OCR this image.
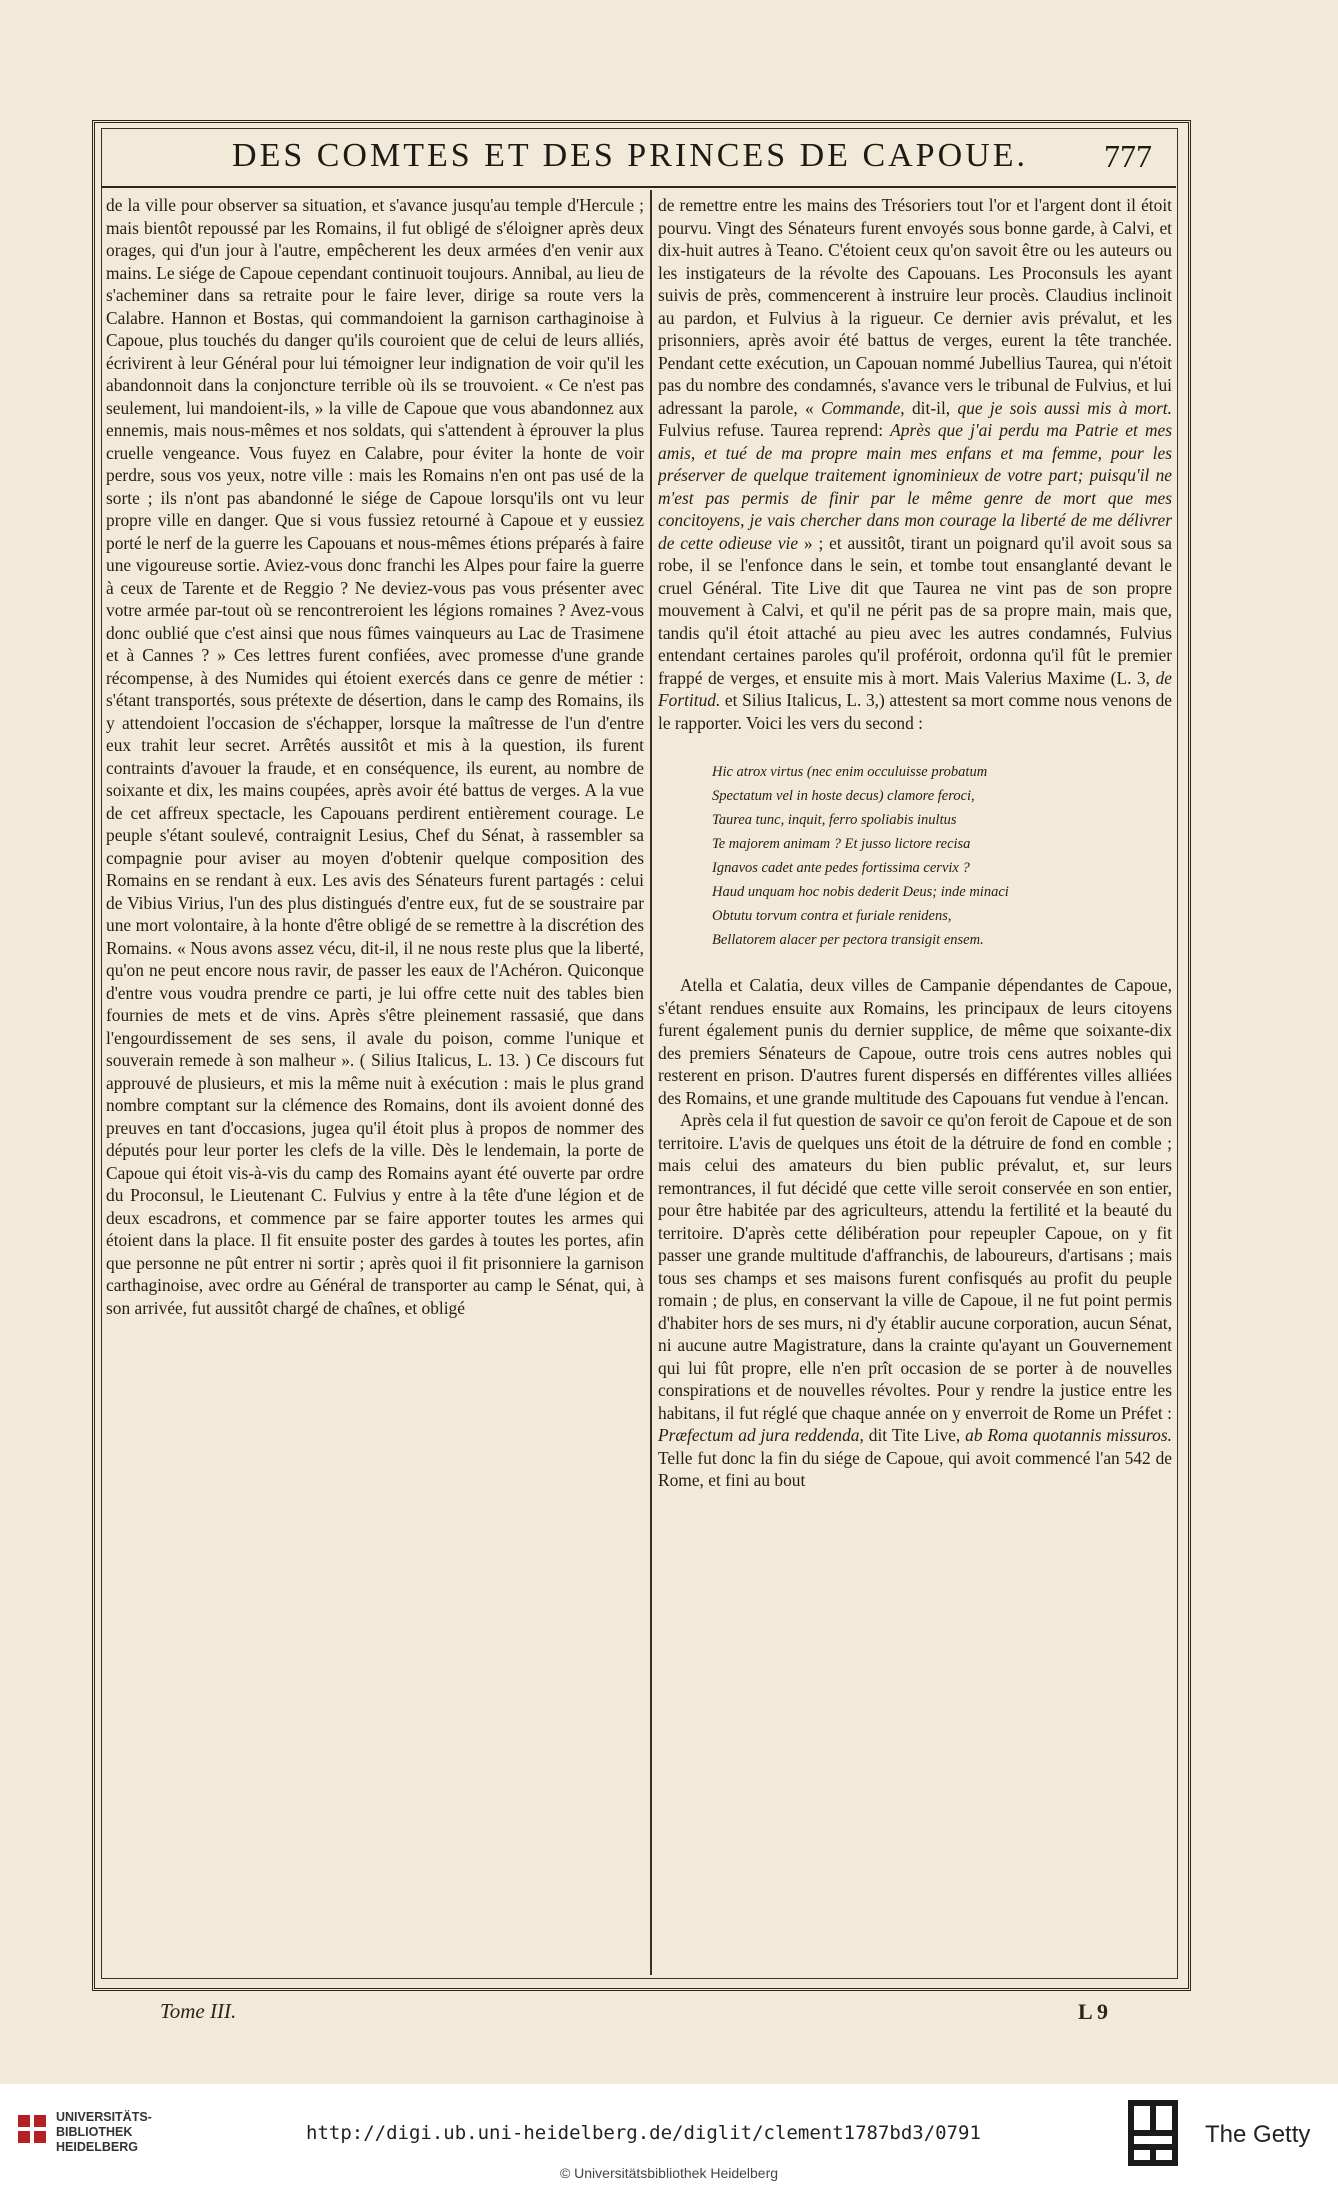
DES COMTES ET DES PRINCES DE CAPOUE.	777

de la ville pour observer sa situation, et s'avance jusqu'au temple d'Hercule ; mais bientôt repoussé par les Romains, il fut obligé de s'éloigner après deux orages, qui d'un jour à l'autre, empêcherent les deux armées d'en venir aux mains. Le siége de Capoue cependant continuoit toujours. Annibal, au lieu de s'acheminer dans sa retraite pour le faire lever, dirige sa route vers la Calabre. Hannon et Bostas, qui commandoient la garnison carthaginoise à Capoue, plus touchés du danger qu'ils couroient que de celui de leurs alliés, écrivirent à leur Général pour lui témoigner leur indignation de voir qu'il les abandonnoit dans la conjoncture terrible où ils se trouvoient. « Ce n'est pas seulement, lui mandoient-ils, » la ville de Capoue que vous abandonnez aux ennemis, mais nous-mêmes et nos soldats, qui s'attendent à éprouver la plus cruelle vengeance. Vous fuyez en Calabre, pour éviter la honte de voir perdre, sous vos yeux, notre ville : mais les Romains n'en ont pas usé de la sorte ; ils n'ont pas abandonné le siége de Capoue lorsqu'ils ont vu leur propre ville en danger. Que si vous fussiez retourné à Capoue et y eussiez porté le nerf de la guerre les Capouans et nous-mêmes étions préparés à faire une vigoureuse sortie. Aviez-vous donc franchi les Alpes pour faire la guerre à ceux de Tarente et de Reggio ? Ne deviez-vous pas vous présenter avec votre armée par-tout où se rencontreroient les légions romaines ? Avez-vous donc oublié que c'est ainsi que nous fûmes vainqueurs au Lac de Trasimene et à Cannes ? » Ces lettres furent confiées, avec promesse d'une grande récompense, à des Numides qui étoient exercés dans ce genre de métier : s'étant transportés, sous prétexte de désertion, dans le camp des Romains, ils y attendoient l'occasion de s'échapper, lorsque la maîtresse de l'un d'entre eux trahit leur secret. Arrêtés aussitôt et mis à la question, ils furent contraints d'avouer la fraude, et en conséquence, ils eurent, au nombre de soixante et dix, les mains coupées, après avoir été battus de verges. A la vue de cet affreux spectacle, les Capouans perdirent entièrement courage. Le peuple s'étant soulevé, contraignit Lesius, Chef du Sénat, à rassembler sa compagnie pour aviser au moyen d'obtenir quelque composition des Romains en se rendant à eux. Les avis des Sénateurs furent partagés : celui de Vibius Virius, l'un des plus distingués d'entre eux, fut de se soustraire par une mort volontaire, à la honte d'être obligé de se remettre à la discrétion des Romains. « Nous avons assez vécu, dit-il, il ne nous reste plus que la liberté, qu'on ne peut encore nous ravir, de passer les eaux de l'Achéron. Quiconque d'entre vous voudra prendre ce parti, je lui offre cette nuit des tables bien fournies de mets et de vins. Après s'être pleinement rassasié, que dans l'engourdissement de ses sens, il avale du poison, comme l'unique et souverain remede à son malheur ». ( Silius Italicus, L. 13. ) Ce discours fut approuvé de plusieurs, et mis la même nuit à exécution : mais le plus grand nombre comptant sur la clémence des Romains, dont ils avoient donné des preuves en tant d'occasions, jugea qu'il étoit plus à propos de nommer des députés pour leur porter les clefs de la ville. Dès le lendemain, la porte de Capoue qui étoit vis-à-vis du camp des Romains ayant été ouverte par ordre du Proconsul, le Lieutenant C. Fulvius y entre à la tête d'une légion et de deux escadrons, et commence par se faire apporter toutes les armes qui étoient dans la place. Il fit ensuite poster des gardes à toutes les portes, afin que personne ne pût entrer ni sortir ; après quoi il fit prisonniere la garnison carthaginoise, avec ordre au Général de transporter au camp le Sénat, qui, à son arrivée, fut aussitôt chargé de chaînes, et obligé

de remettre entre les mains des Trésoriers tout l'or et l'argent dont il étoit pourvu. Vingt des Sénateurs furent envoyés sous bonne garde, à Calvi, et dix-huit autres à Teano. C'étoient ceux qu'on savoit être ou les auteurs ou les instigateurs de la révolte des Capouans. Les Proconsuls les ayant suivis de près, commencerent à instruire leur procès. Claudius inclinoit au pardon, et Fulvius à la rigueur. Ce dernier avis prévalut, et les prisonniers, après avoir été battus de verges, eurent la tête tranchée. Pendant cette exécution, un Capouan nommé Jubellius Taurea, qui n'étoit pas du nombre des condamnés, s'avance vers le tribunal de Fulvius, et lui adressant la parole, « Commande, dit-il, que je sois aussi mis à mort. Fulvius refuse. Taurea reprend: Après que j'ai perdu ma Patrie et mes amis, et tué de ma propre main mes enfans et ma femme, pour les préserver de quelque traitement ignominieux de votre part; puisqu'il ne m'est pas permis de finir par le même genre de mort que mes concitoyens, je vais chercher dans mon courage la liberté de me délivrer de cette odieuse vie » ; et aussitôt, tirant un poignard qu'il avoit sous sa robe, il se l'enfonce dans le sein, et tombe tout ensanglanté devant le cruel Général. Tite Live dit que Taurea ne vint pas de son propre mouvement à Calvi, et qu'il ne périt pas de sa propre main, mais que, tandis qu'il étoit attaché au pieu avec les autres condamnés, Fulvius entendant certaines paroles qu'il proféroit, ordonna qu'il fût le premier frappé de verges, et ensuite mis à mort. Mais Valerius Maxime (L. 3, de Fortitud. et Silius Italicus, L. 3,) attestent sa mort comme nous venons de le rapporter. Voici les vers du second :

Hic atrox virtus (nec enim occuluisse probatum
Spectatum vel in hoste decus) clamore feroci,
Taurea tunc, inquit, ferro spoliabis inultus
Te majorem animam ? Et jusso lictore recisa
Ignavos cadet ante pedes fortissima cervix ?
Haud unquam hoc nobis dederit Deus; inde minaci
Obtutu torvum contra et furiale renidens,
Bellatorem alacer per pectora transigit ensem.

Atella et Calatia, deux villes de Campanie dépendantes de Capoue, s'étant rendues ensuite aux Romains, les principaux de leurs citoyens furent également punis du dernier supplice, de même que soixante-dix des premiers Sénateurs de Capoue, outre trois cens autres nobles qui resterent en prison. D'autres furent dispersés en différentes villes alliées des Romains, et une grande multitude des Capouans fut vendue à l'encan.

Après cela il fut question de savoir ce qu'on feroit de Capoue et de son territoire. L'avis de quelques uns étoit de la détruire de fond en comble ; mais celui des amateurs du bien public prévalut, et, sur leurs remontrances, il fut décidé que cette ville seroit conservée en son entier, pour être habitée par des agriculteurs, attendu la fertilité et la beauté du territoire. D'après cette délibération pour repeupler Capoue, on y fit passer une grande multitude d'affranchis, de laboureurs, d'artisans ; mais tous ses champs et ses maisons furent confisqués au profit du peuple romain ; de plus, en conservant la ville de Capoue, il ne fut point permis d'habiter hors de ses murs, ni d'y établir aucune corporation, aucun Sénat, ni aucune autre Magistrature, dans la crainte qu'ayant un Gouvernement qui lui fût propre, elle n'en prît occasion de se porter à de nouvelles conspirations et de nouvelles révoltes. Pour y rendre la justice entre les habitans, il fut réglé que chaque année on y enverroit de Rome un Préfet : Præfectum ad jura reddenda, dit Tite Live, ab Roma quotannis missuros. Telle fut donc la fin du siége de Capoue, qui avoit commencé l'an 542 de Rome, et fini au bout

Tome III.	L 9
UNIVERSITÄTS-
BIBLIOTHEK
HEIDELBERG
http://digi.ub.uni-heidelberg.de/diglit/clement1787bd3/0791
© Universitätsbibliothek Heidelberg
The Getty
